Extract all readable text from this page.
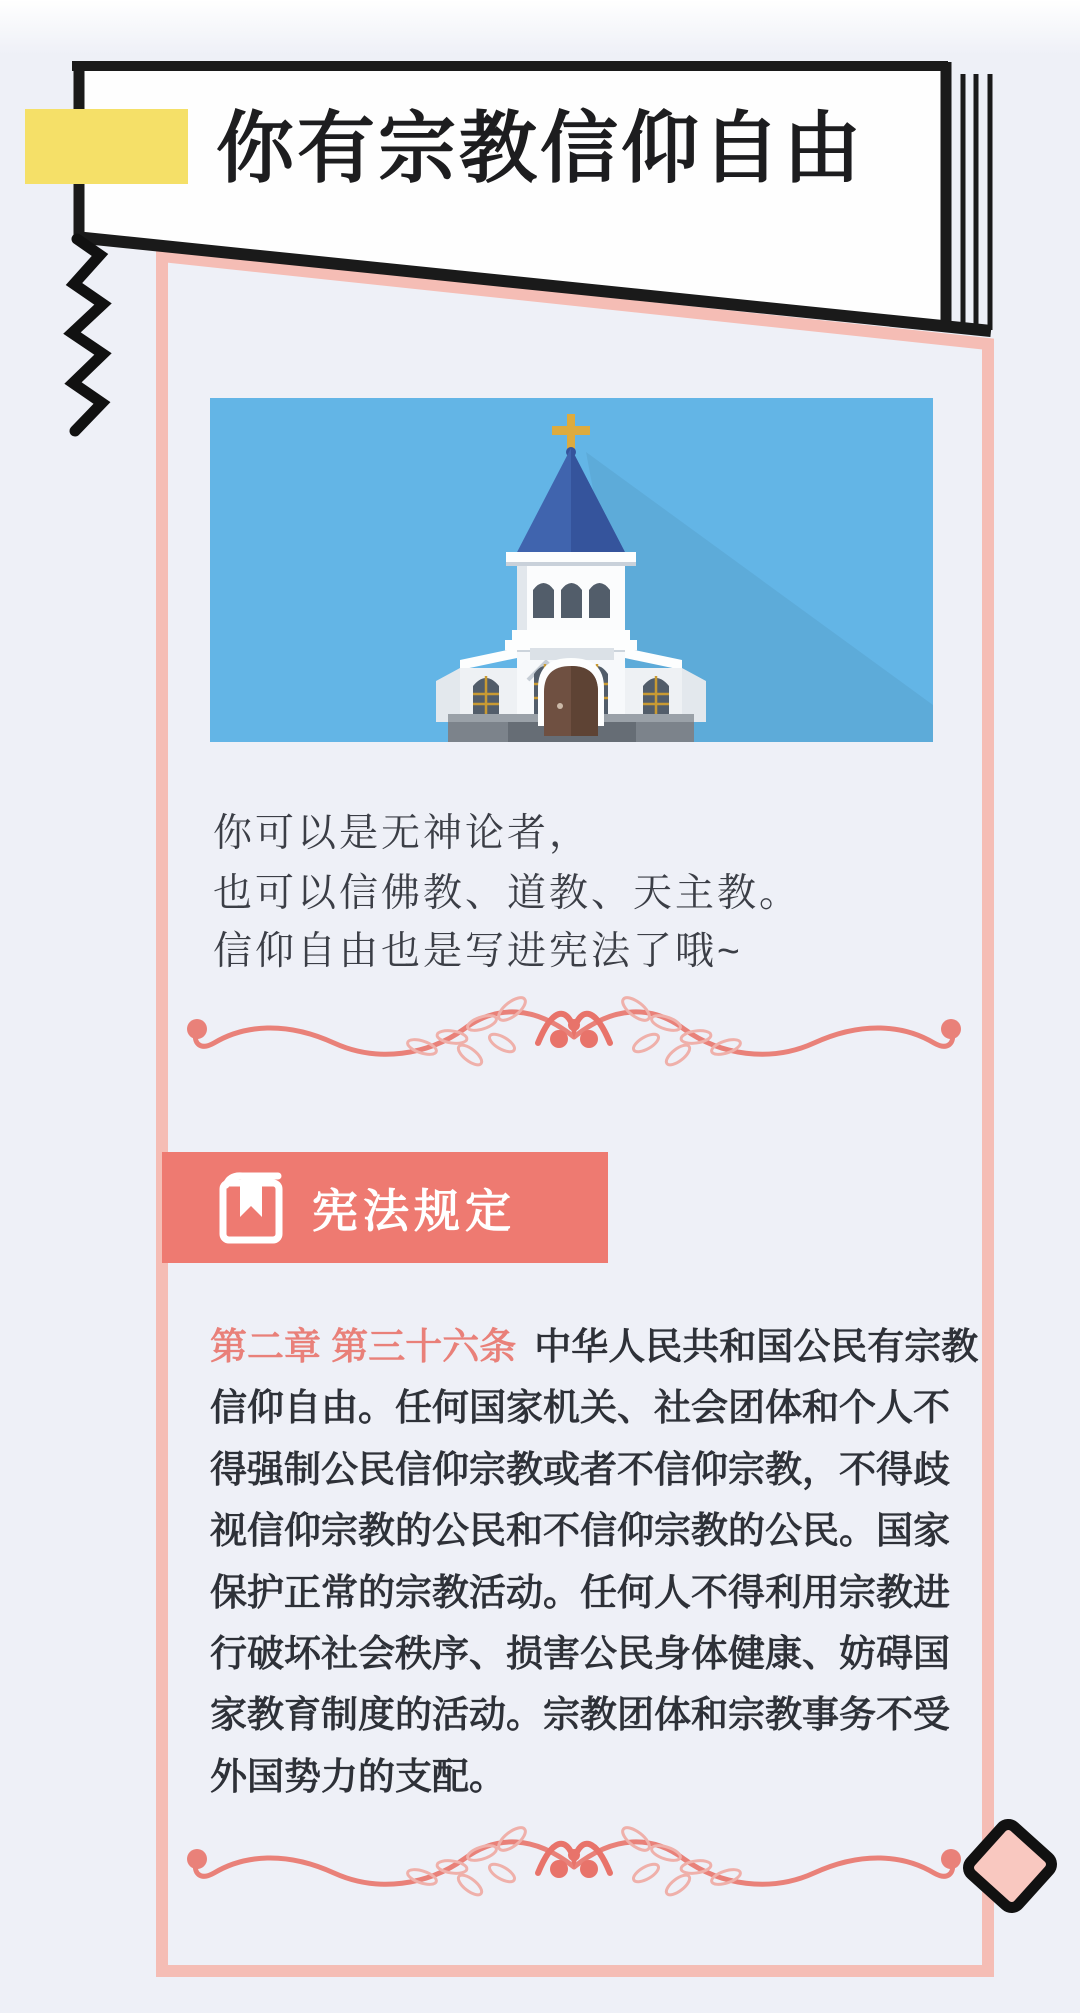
你有宗教信仰自由
你可以是无神论者，
也可以信佛教、道教、天主教。
信仰自由也是写进宪法了哦~
宪法规定
第二章 第三十六条 中华人民共和国公民有宗教
信仰自由。任何国家机关、社会团体和个人不
得强制公民信仰宗教或者不信仰宗教，不得歧
视信仰宗教的公民和不信仰宗教的公民。国家
保护正常的宗教活动。任何人不得利用宗教进
行破坏社会秩序、损害公民身体健康、妨碍国
家教育制度的活动。宗教团体和宗教事务不受
外国势力的支配。
